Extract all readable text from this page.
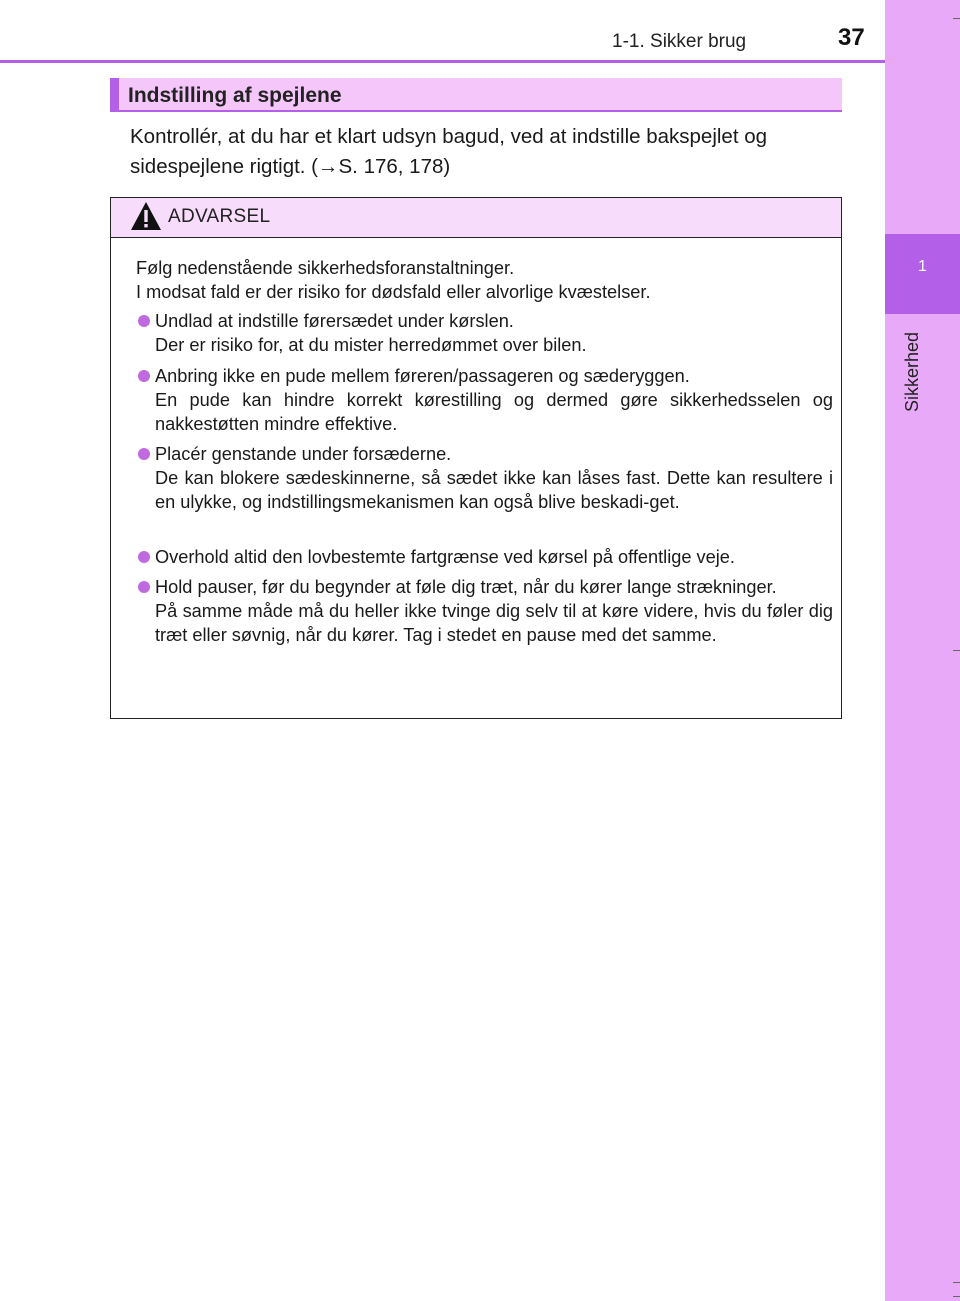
1-1. Sikker brug	37
1
Sikkerhed
Indstilling af spejlene
Kontrollér, at du har et klart udsyn bagud, ved at indstille bakspejlet og sidespejlene rigtigt. (→S. 176, 178)
ADVARSEL
Følg nedenstående sikkerhedsforanstaltninger.
I modsat fald er der risiko for dødsfald eller alvorlige kvæstelser.

Undlad at indstille førersædet under kørslen.

Der er risiko for, at du mister herredømmet over bilen.

Anbring ikke en pude mellem føreren/passageren og sæderyggen.

En pude kan hindre korrekt kørestilling og dermed gøre sikkerhedsselen og nakkestøtten mindre effektive.

Placér genstande under forsæderne.

De kan blokere sædeskinnerne, så sædet ikke kan låses fast. Dette kan resultere i en ulykke, og indstillingsmekanismen kan også blive beskadi-get.

Overhold altid den lovbestemte fartgrænse ved kørsel på offentlige veje.

Hold pauser, før du begynder at føle dig træt, når du kører lange strækninger.

På samme måde må du heller ikke tvinge dig selv til at køre videre, hvis du føler dig træt eller søvnig, når du kører. Tag i stedet en pause med det samme.
